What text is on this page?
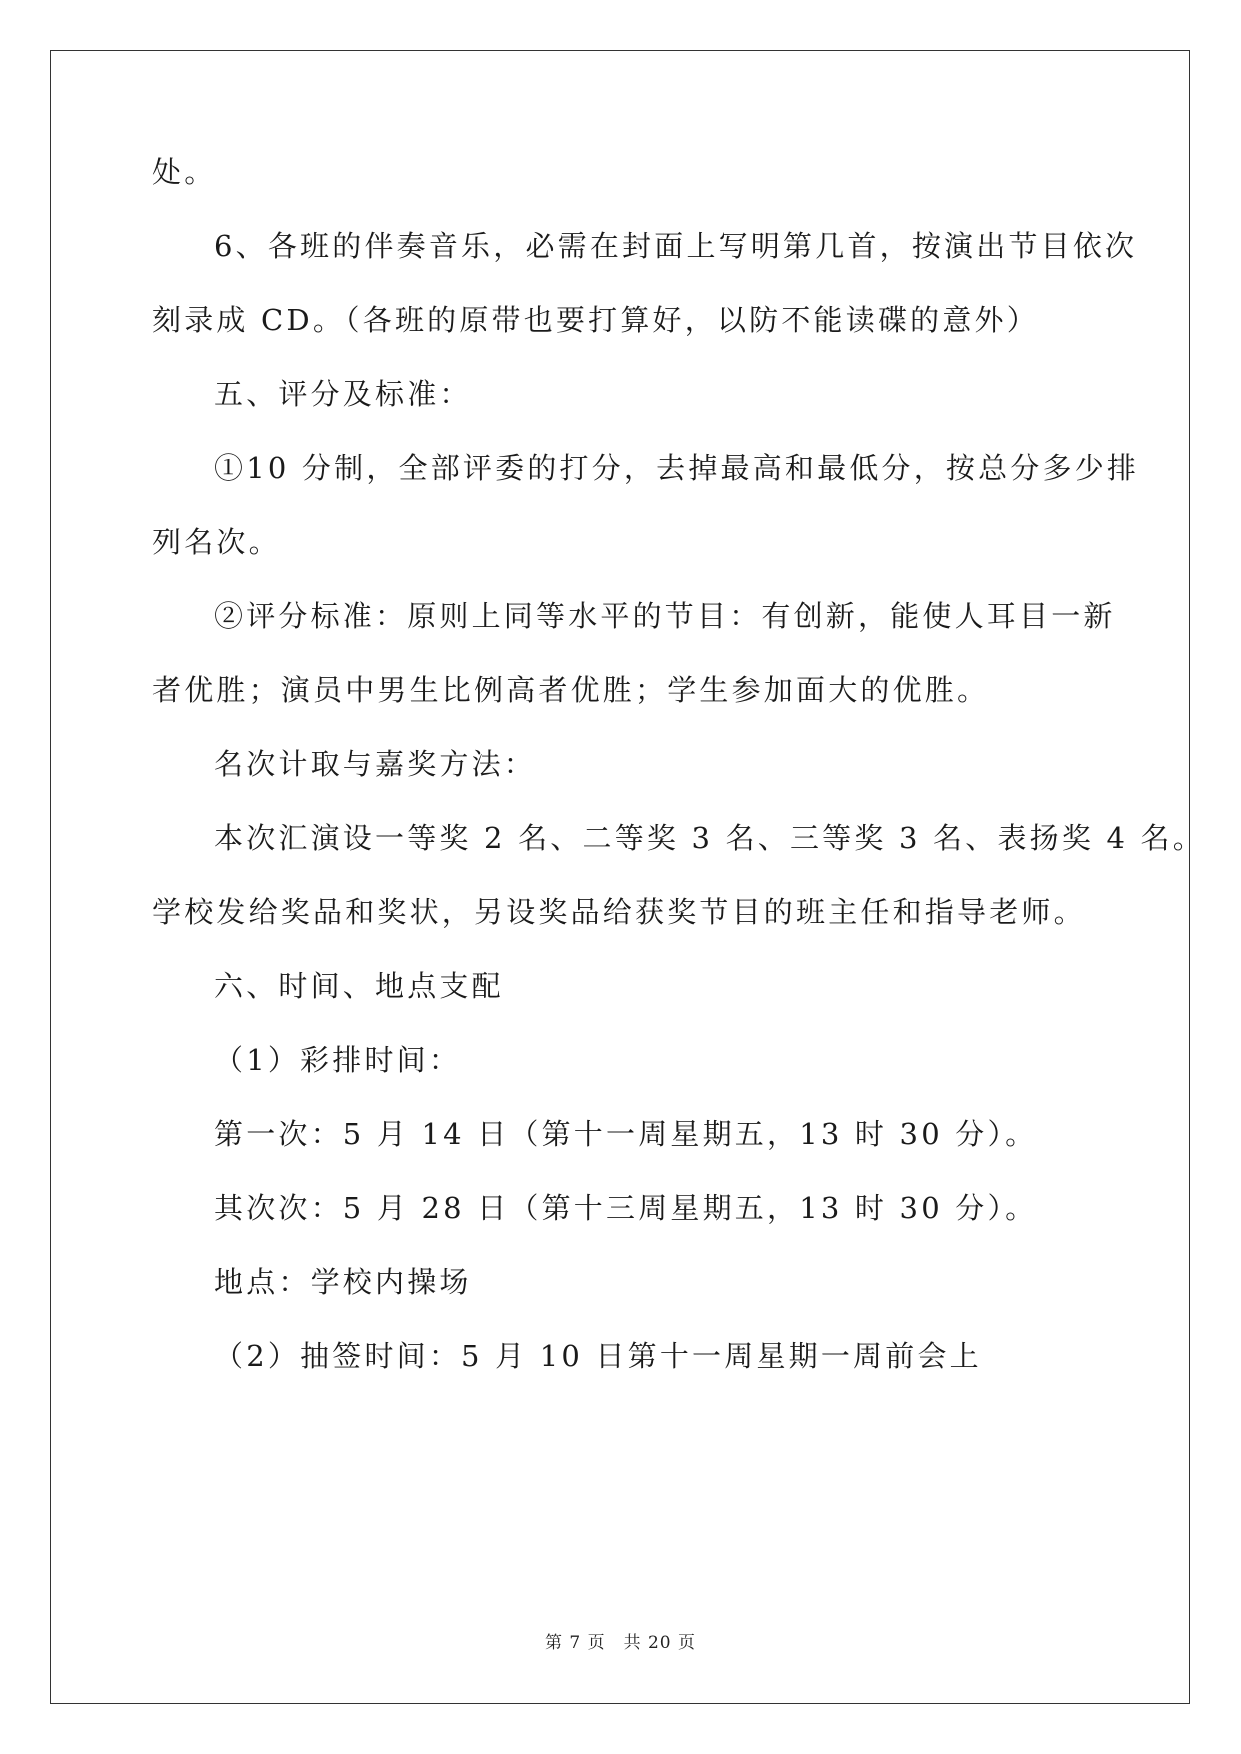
处。
6、各班的伴奏音乐，必需在封面上写明第几首，按演出节目依次
刻录成 CD。（各班的原带也要打算好，以防不能读碟的意外）
五、评分及标准：
①10 分制，全部评委的打分，去掉最高和最低分，按总分多少排
列名次。
②评分标准：原则上同等水平的节目：有创新，能使人耳目一新
者优胜；演员中男生比例高者优胜；学生参加面大的优胜。
名次计取与嘉奖方法：
本次汇演设一等奖 2 名、二等奖 3 名、三等奖 3 名、表扬奖 4 名。
学校发给奖品和奖状，另设奖品给获奖节目的班主任和指导老师。
六、时间、地点支配
（1）彩排时间：
第一次：5 月 14 日（第十一周星期五，13 时 30 分）。
其次次：5 月 28 日（第十三周星期五，13 时 30 分）。
地点：学校内操场
（2）抽签时间：5 月 10 日第十一周星期一周前会上
第 7 页　共 20 页
